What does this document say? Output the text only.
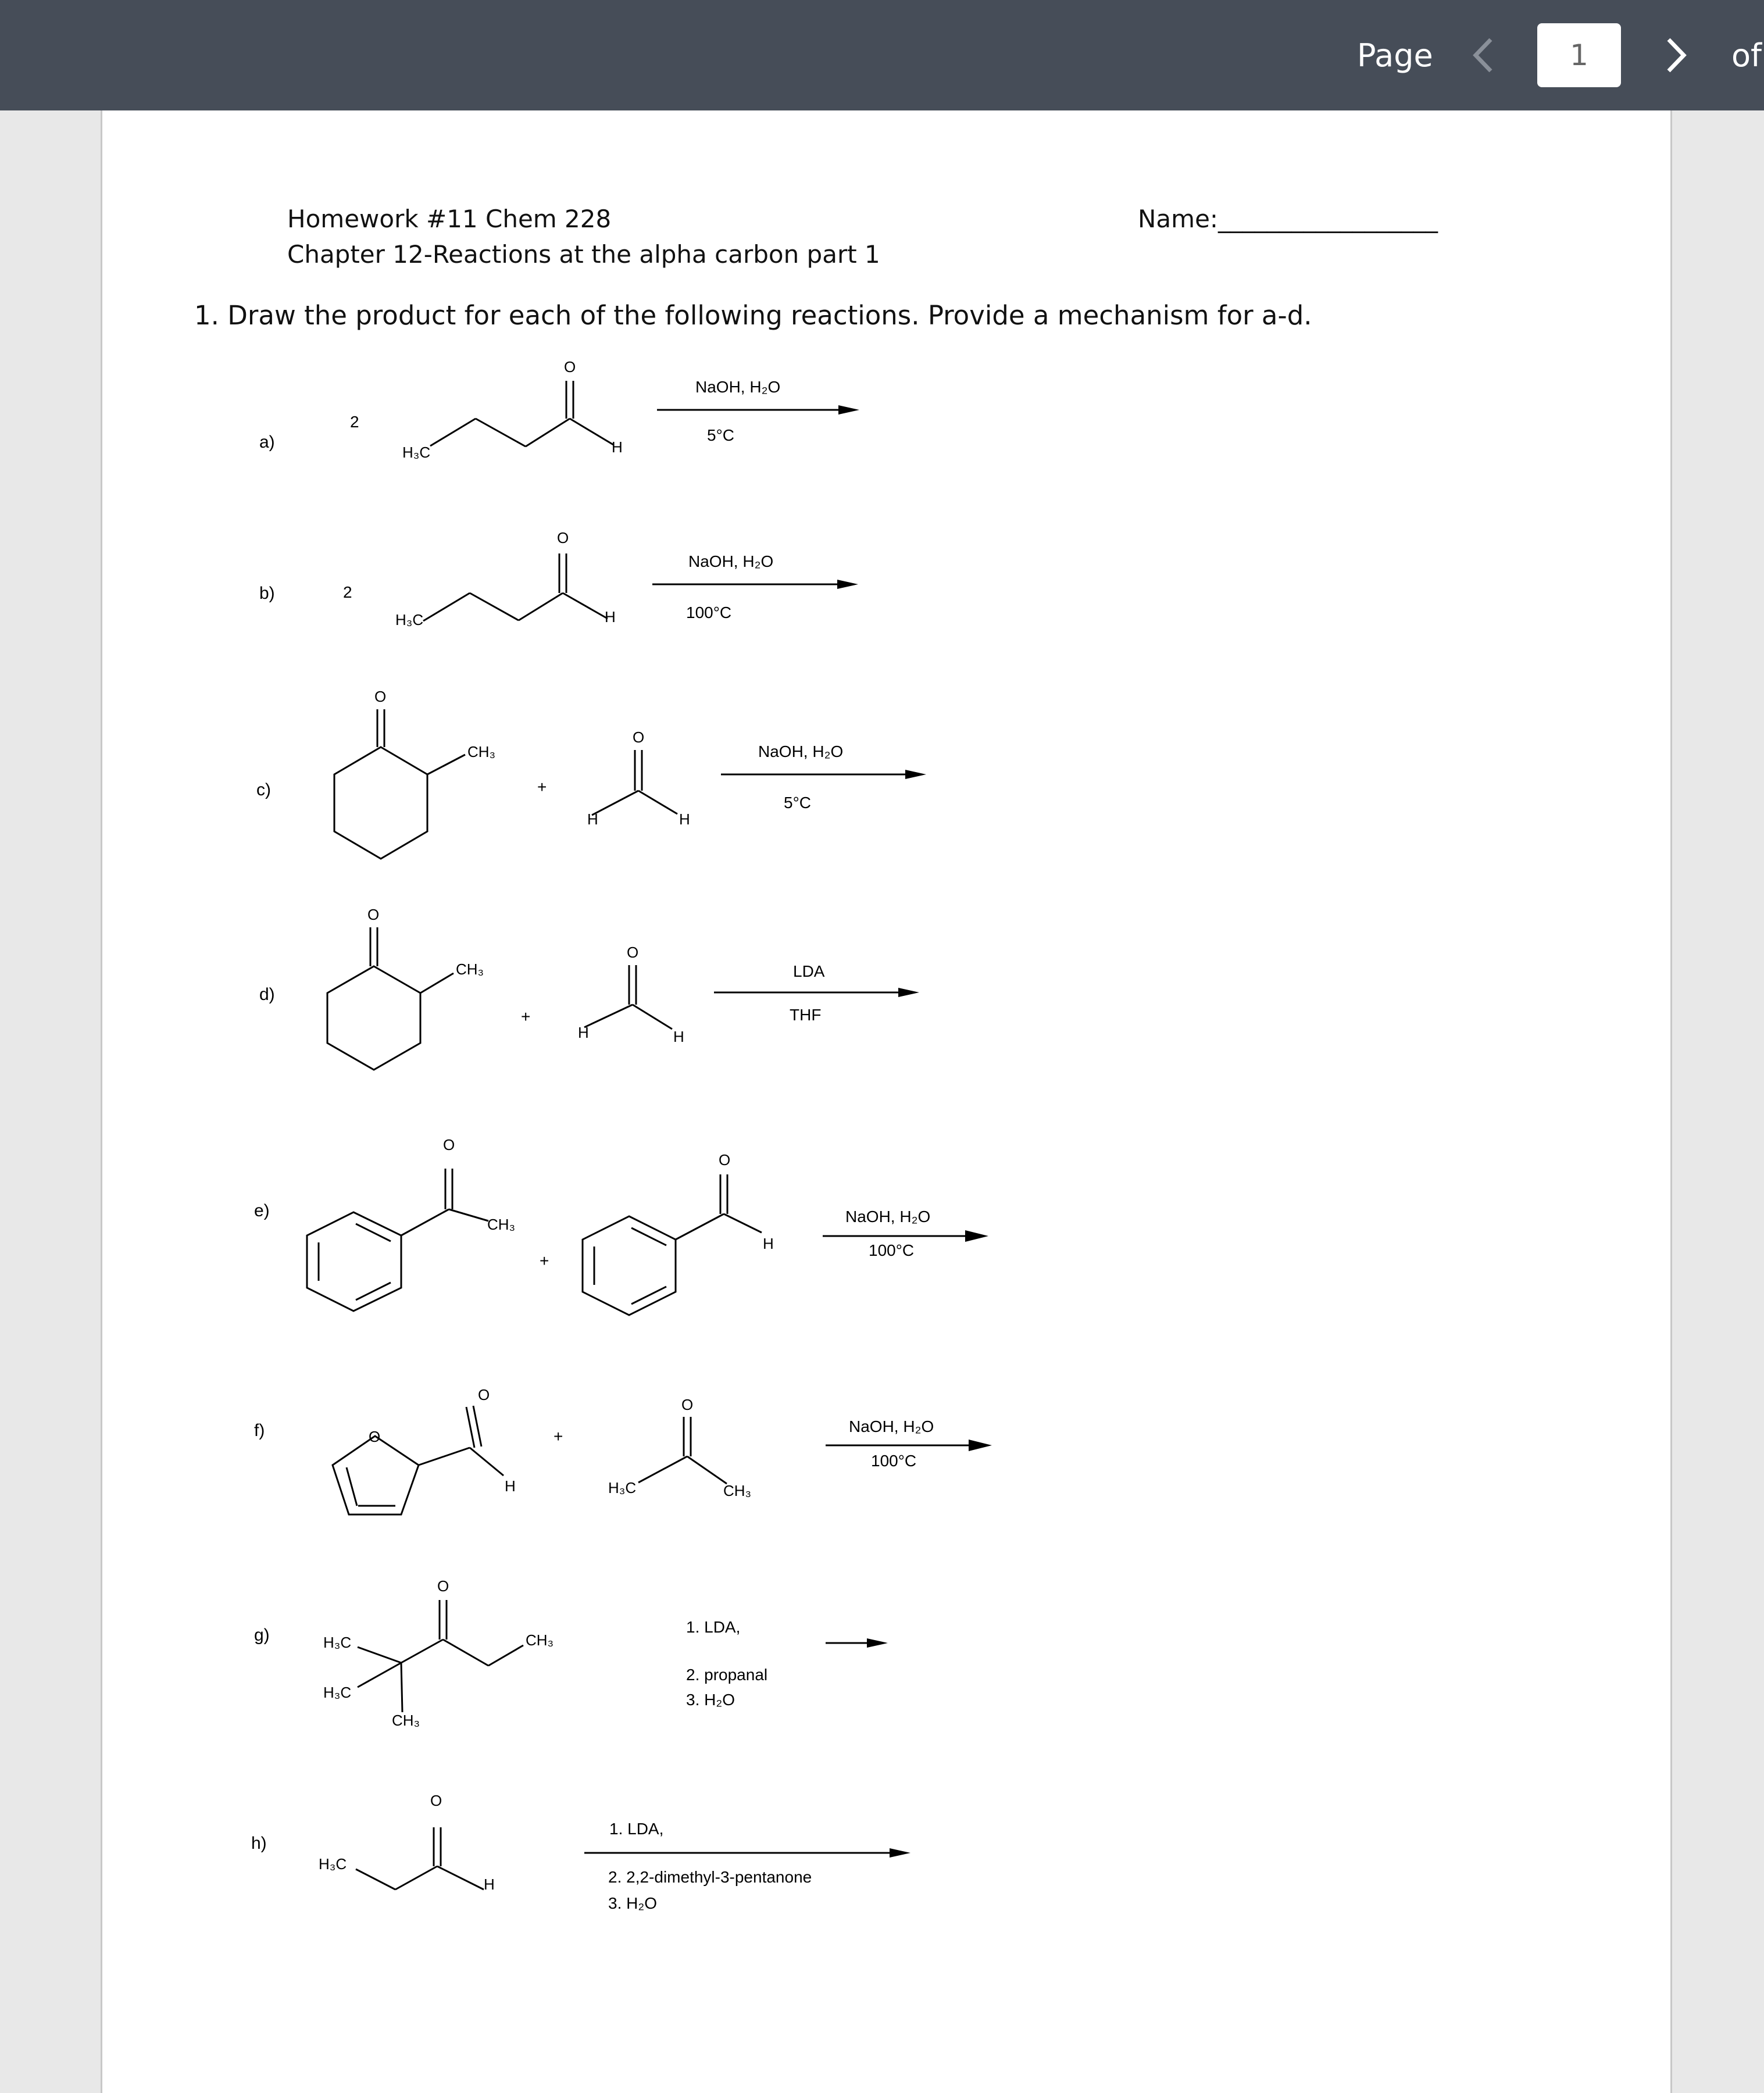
Page	1	of
Homework #11 Chem 228
Chapter 12-Reactions at the alpha carbon part 1
Name:__________________
1. Draw the product for each of the following reactions. Provide a mechanism for a-d.
a)
b)
c)
d)
e)
f)
g)
h)
2
2
+
+
+
+
O
H
H₃C
O
H
H₃C
O
CH₃
O
H	H
O
CH₃
O
H	H
O
CH₃
O
H
O
O
H
O
H₃C	CH₃
O
H₃C
H₃C
CH₃
CH₃
O
H₃C
H
NaOH, H₂O
5°C
NaOH, H₂O
100°C
NaOH, H₂O
5°C
LDA
THF
NaOH, H₂O
100°C
NaOH, H₂O
100°C
1. LDA,
2. propanal
3. H₂O
1. LDA,
2. 2,2-dimethyl-3-pentanone
3. H₂O
